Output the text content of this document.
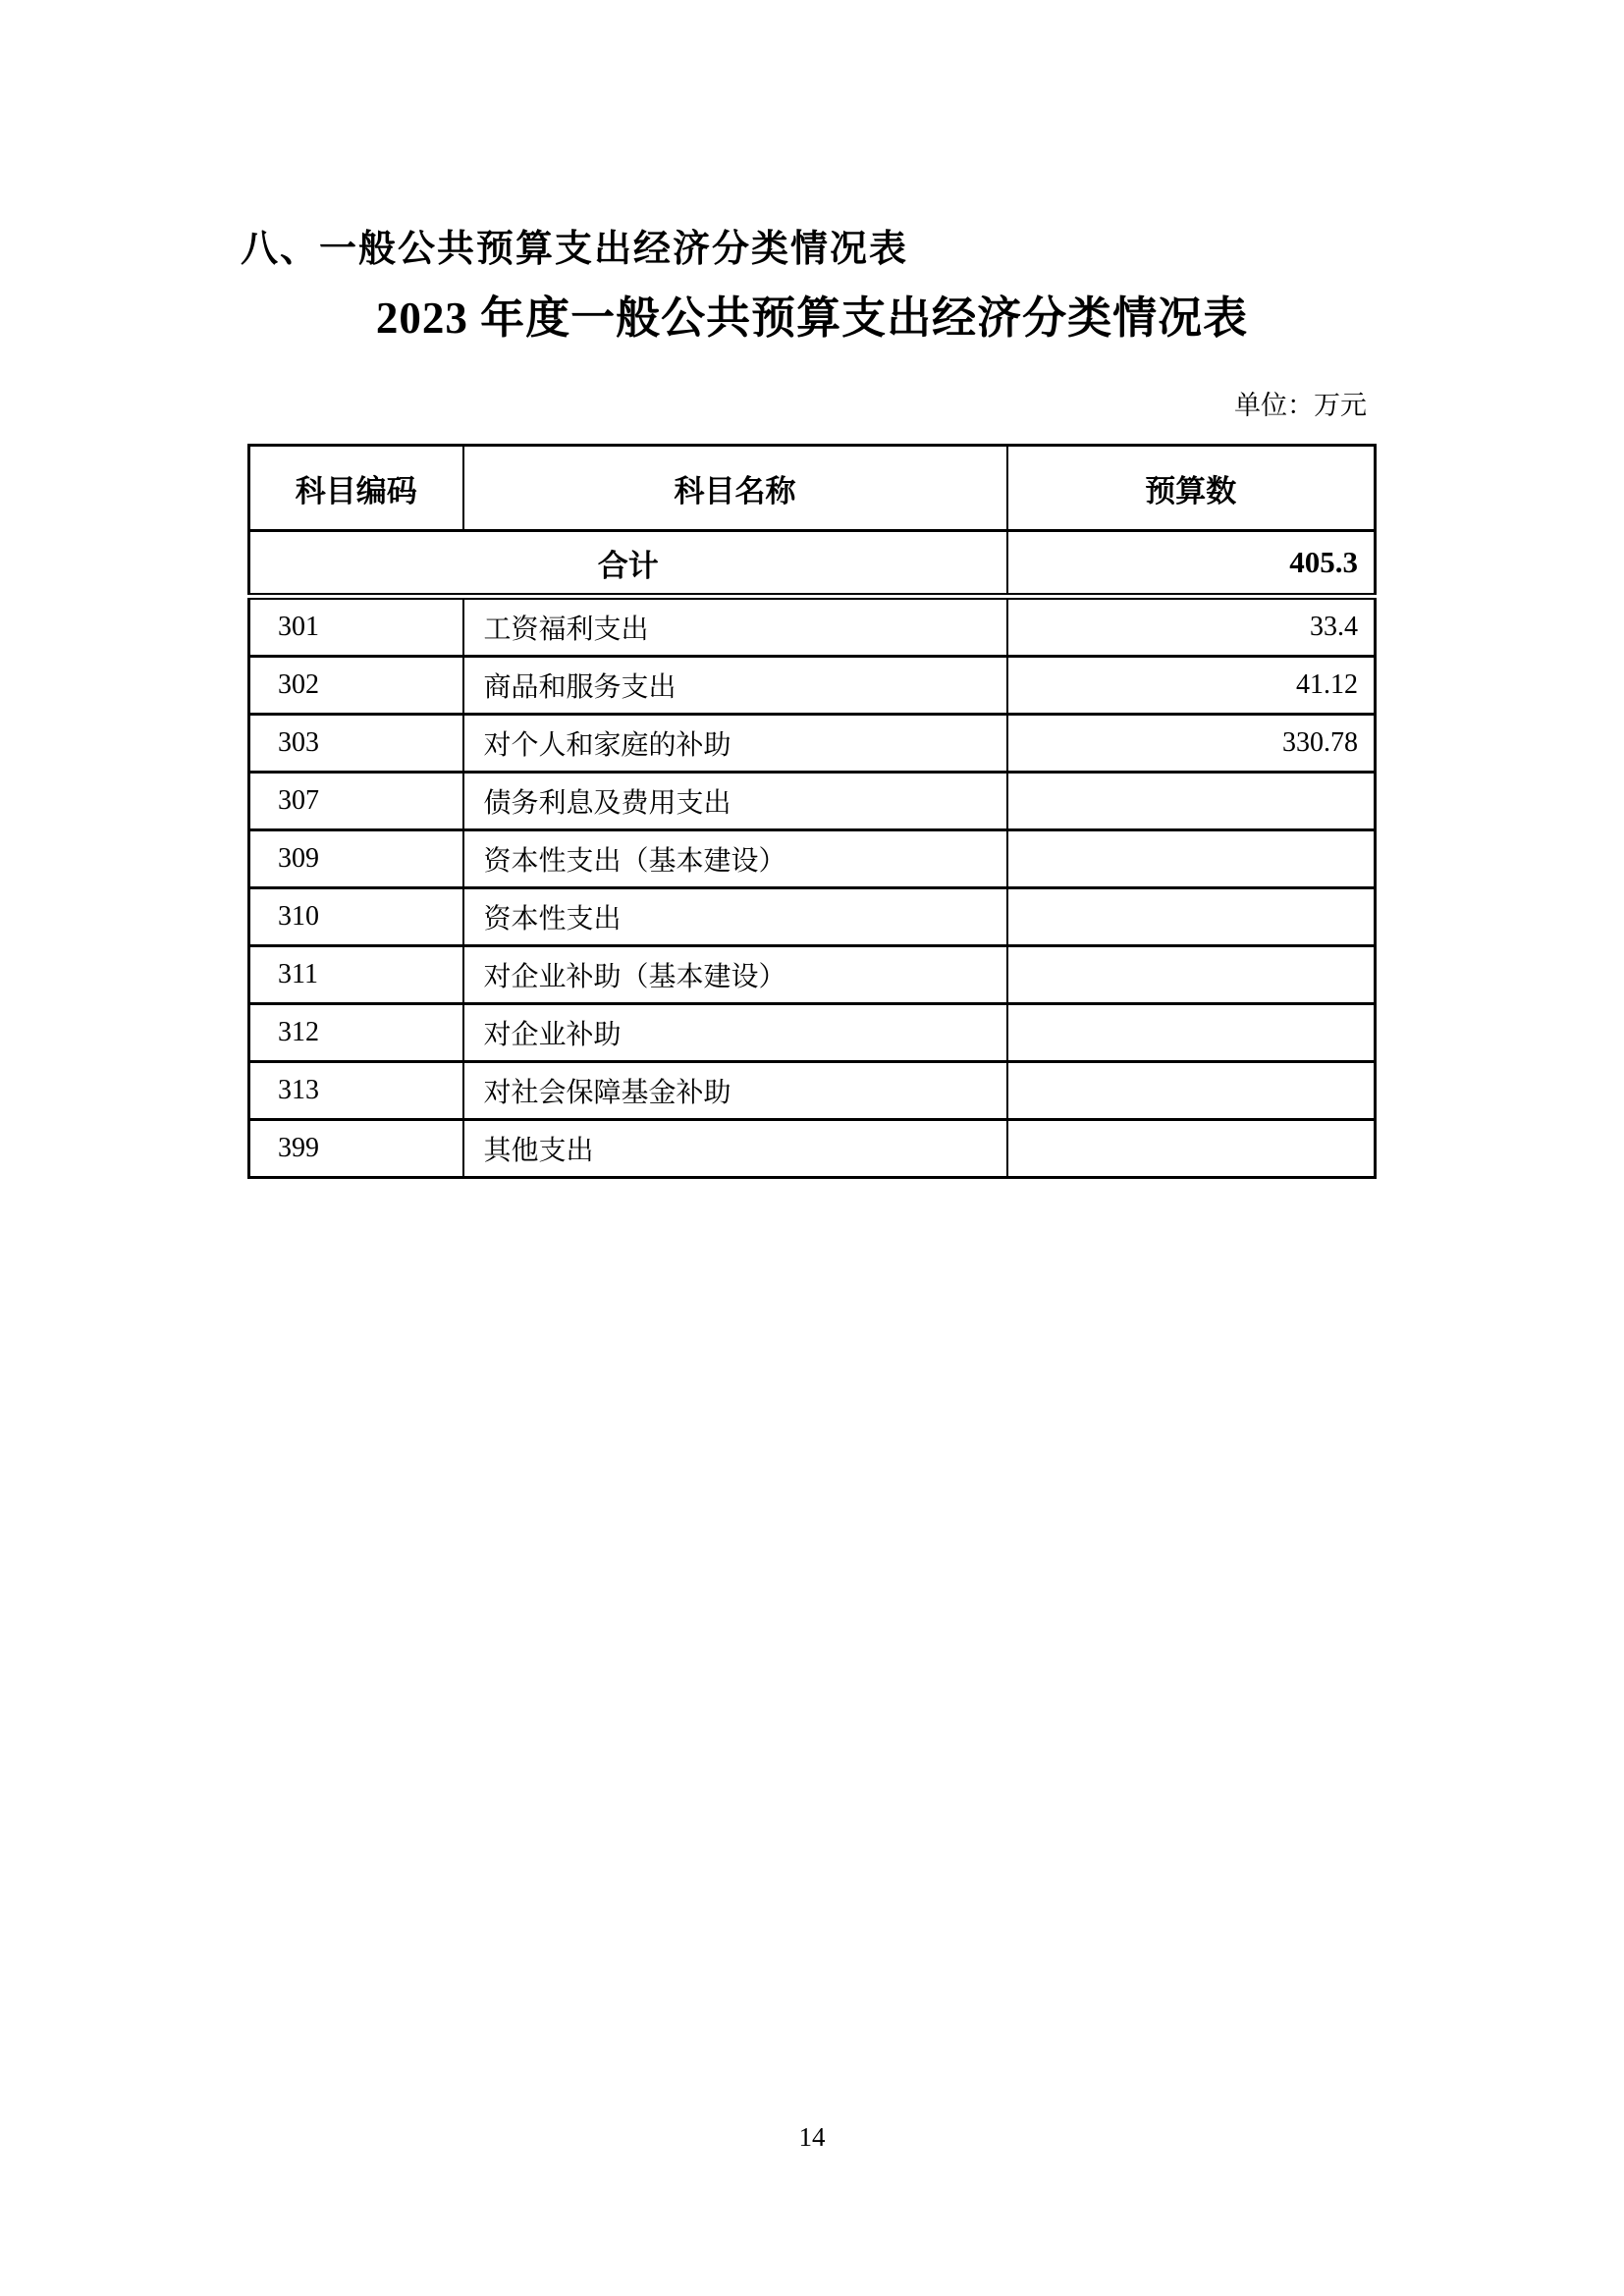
八、一般公共预算支出经济分类情况表
2023 年度一般公共预算支出经济分类情况表
单位：万元
科目编码	科目名称	预算数
合计		405.3
301	工资福利支出	33.4
302	商品和服务支出	41.12
303	对个人和家庭的补助	330.78
307	债务利息及费用支出	
309	资本性支出（基本建设）	
310	资本性支出	
311	对企业补助（基本建设）	
312	对企业补助	
313	对社会保障基金补助	
399	其他支出	
14
